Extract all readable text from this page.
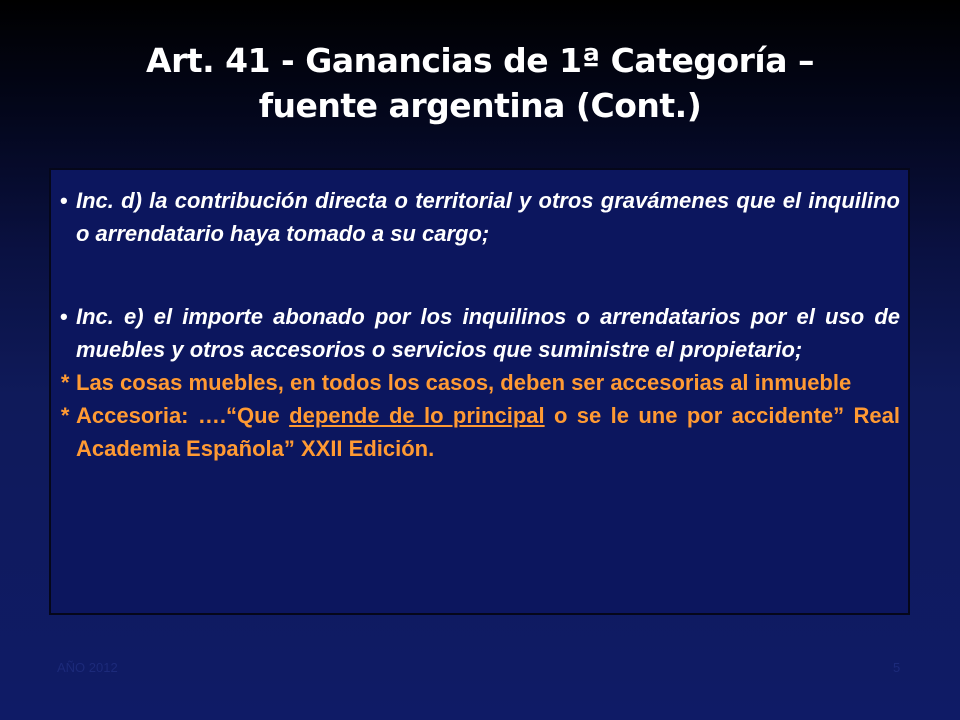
Art. 41 - Ganancias de 1ª Categoría –
fuente argentina (Cont.)
• Inc. d) la contribución directa o territorial y otros gravámenes que el inquilino o arrendatario haya tomado a su cargo;
• Inc. e) el importe abonado por los inquilinos o arrendatarios por el uso de muebles y otros accesorios o servicios que suministre el propietario;
* Las cosas muebles, en todos los casos, deben ser accesorias al inmueble
* Accesoria: ….“Que depende de lo principal o se le une por accidente” Real Academia Española” XXII Edición.
AÑO 2012	5
